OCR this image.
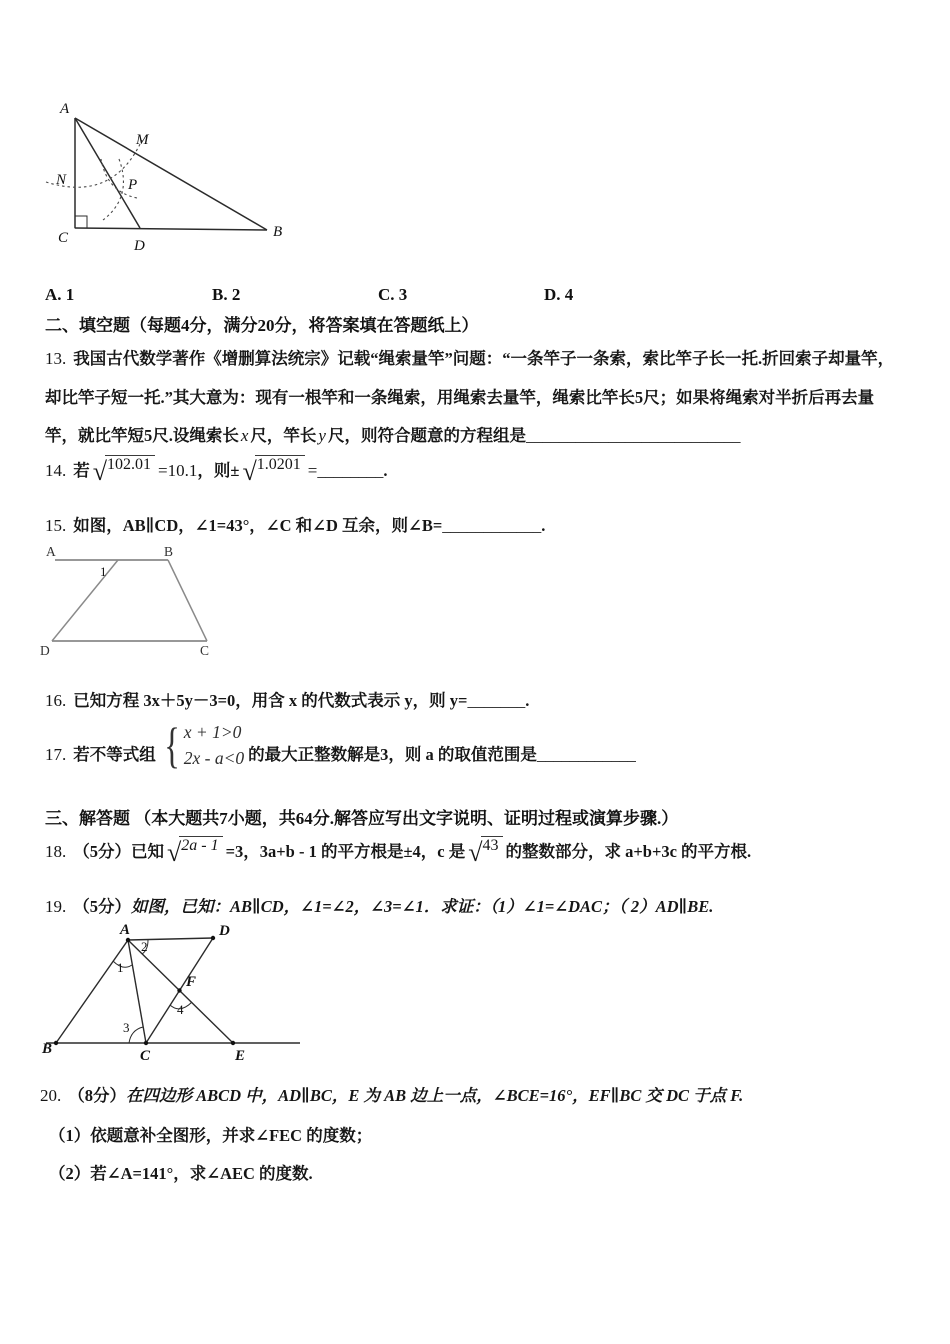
A
M
N	P
C	D
B
A. 1	B. 2	C. 3	D. 4
二、填空题（每题4分，满分20分，将答案填在答题纸上）
13. 我国古代数学著作《增删算法统宗》记载“绳索量竿”问题：“一条竿子一条索，索比竿子长一托.折回索子却量竿，
却比竿子短一托.”其大意为：现有一根竿和一条绳索，用绳索去量竿，绳索比竿长5尺；如果将绳索对半折后再去量
竿，就比竿短5尺.设绳索长 x 尺，竿长 y 尺，则符合题意的方程组是__________________________
14. 若 √ 102.01 =10.1，则± √ 1.0201 =________.
15. 如图，AB∥CD，∠1=43°，∠C 和∠D 互余，则∠B=____________.
A	B
1
D	C
16. 已知方程 3x＋5y－3=0，用含 x 的代数式表示 y，则 y=_______.
17. 若不等式组 { x + 1>0
2x - a<0 的最大正整数解是3，则 a 的取值范围是____________
三、解答题 （本大题共7小题，共64分.解答应写出文字说明、证明过程或演算步骤.）
18. （5分）已知 √ 2a - 1 =3，3a+b - 1 的平方根是±4，c 是 √ 43 的整数部分，求 a+b+3c 的平方根.
19. （5分）如图，已知：AB∥CD，∠1=∠2，∠3=∠1．求证：（1）∠1=∠DAC；（ 2）AD∥BE.
A	D
B	C	E
F
1
2
3
4
20. （8分）在四边形 ABCD 中，AD∥BC，E 为 AB 边上一点，∠BCE=16°，EF∥BC 交 DC 于点 F.
（1）依题意补全图形，并求∠FEC 的度数；
（2）若∠A=141°，求∠AEC 的度数.
